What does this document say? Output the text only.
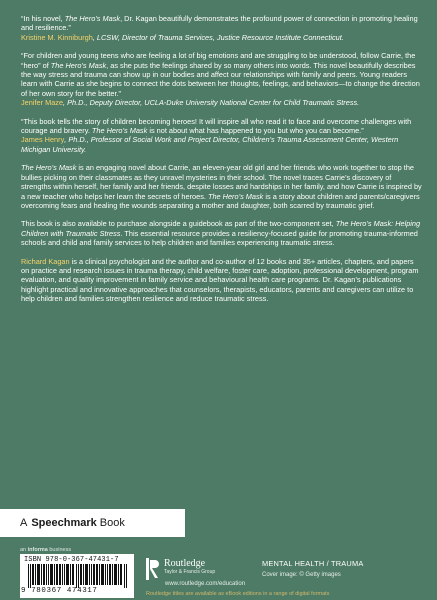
“In his novel, The Hero’s Mask, Dr. Kagan beautifully demonstrates the profound power of connection in promoting healing and resilience.”
Kristine M. Kinniburgh, LCSW, Director of Trauma Services, Justice Resource Institute Connecticut.
“For children and young teens who are feeling a lot of big emotions and are struggling to be understood, follow Carrie, the “hero” of The Hero’s Mask, as she puts the feelings shared by so many others into words. This novel beautifully describes the way stress and trauma can show up in our bodies and affect our relationships with family and peers. Young readers learn with Carrie as she begins to connect the dots between her thoughts, feelings, and behaviors—to change the direction of her own story for the better.”
Jenifer Maze, Ph.D., Deputy Director, UCLA-Duke University National Center for Child Traumatic Stress.
“This book tells the story of children becoming heroes! It will inspire all who read it to face and overcome challenges with courage and bravery. The Hero’s Mask is not about what has happened to you but who you can become.”
James Henry, Ph.D., Professor of Social Work and Project Director, Children’s Trauma Assessment Center, Western Michigan University.
The Hero’s Mask is an engaging novel about Carrie, an eleven-year old girl and her friends who work together to stop the bullies picking on their classmates as they unravel mysteries in their school. The novel traces Carrie’s discovery of strengths within herself, her family and her friends, despite losses and hardships in her family, and how Carrie is inspired by a new teacher who helps her learn the secrets of heroes. The Hero’s Mask is a story about children and parents/caregivers overcoming fears and healing the wounds separating a mother and daughter, both scarred by traumatic grief.
This book is also available to purchase alongside a guidebook as part of the two-component set, The Hero’s Mask: Helping Children with Traumatic Stress. This essential resource provides a resiliency-focused guide for promoting trauma-informed schools and child and family services to help children and families experiencing traumatic stress.
Richard Kagan is a clinical psychologist and the author and co-author of 12 books and 35+ articles, chapters, and papers on practice and research issues in trauma therapy, child welfare, foster care, adoption, professional development, program evaluation, and quality improvement in family service and behavioural health care programs. Dr. Kagan’s publications highlight practical and innovative approaches that counselors, therapists, educators, parents and caregivers can utilize to help children and families strengthen resilience and reduce traumatic stress.
A Speechmark Book
an informa business
ISBN 978-0-367-47431-7
9 780367 474317
Routledge
Taylor & Francis Group
www.routledge.com/education
MENTAL HEALTH / TRAUMA
Cover image: © Getty images
Routledge titles are available as eBook editions in a range of digital formats
